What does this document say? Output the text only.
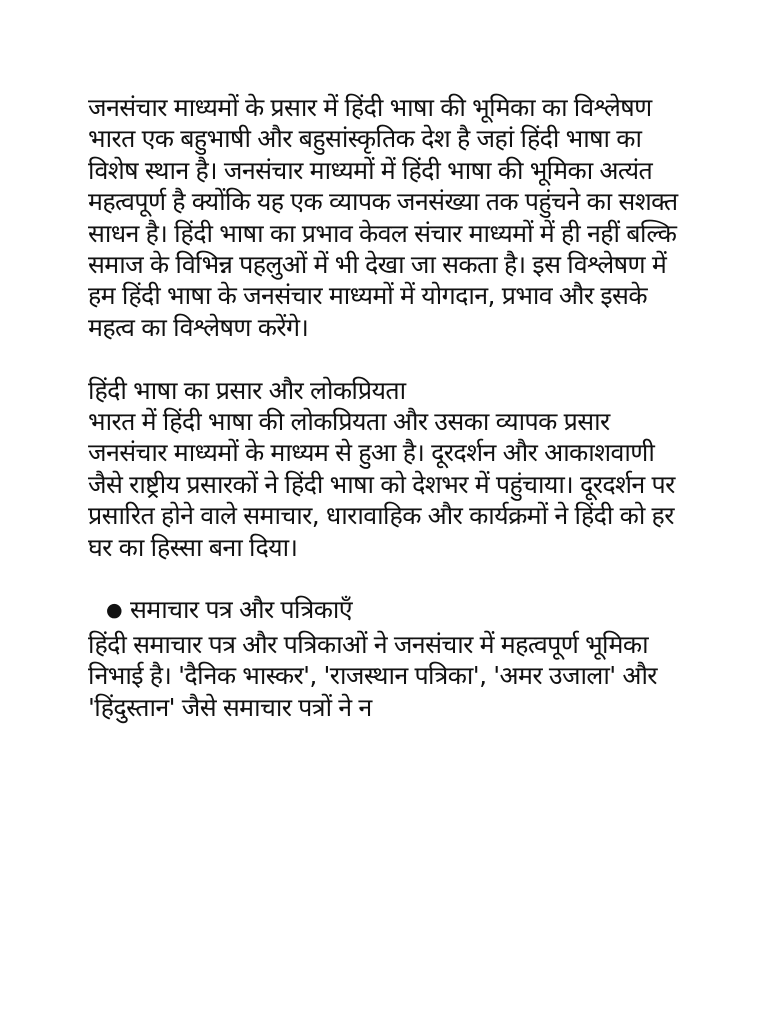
जनसंचार माध्यमों के प्रसार में हिंदी भाषा की भूमिका का विश्लेषण

भारत एक बहुभाषी और बहुसांस्कृतिक देश है जहां हिंदी भाषा का विशेष स्थान है। जनसंचार माध्यमों में हिंदी भाषा की भूमिका अत्यंत महत्वपूर्ण है क्योंकि यह एक व्यापक जनसंख्या तक पहुंचने का सशक्त साधन है। हिंदी भाषा का प्रभाव केवल संचार माध्यमों में ही नहीं बल्कि समाज के विभिन्न पहलुओं में भी देखा जा सकता है। इस विश्लेषण में हम हिंदी भाषा के जनसंचार माध्यमों में योगदान, प्रभाव और इसके महत्व का विश्लेषण करेंगे।

हिंदी भाषा का प्रसार और लोकप्रियता

भारत में हिंदी भाषा की लोकप्रियता और उसका व्यापक प्रसार जनसंचार माध्यमों के माध्यम से हुआ है। दूरदर्शन और आकाशवाणी जैसे राष्ट्रीय प्रसारकों ने हिंदी भाषा को देशभर में पहुंचाया। दूरदर्शन पर प्रसारित होने वाले समाचार, धारावाहिक और कार्यक्रमों ने हिंदी को हर घर का हिस्सा बना दिया।

● समाचार पत्र और पत्रिकाएँ

हिंदी समाचार पत्र और पत्रिकाओं ने जनसंचार में महत्वपूर्ण भूमिका निभाई है। 'दैनिक भास्कर', 'राजस्थान पत्रिका', 'अमर उजाला' और 'हिंदुस्तान' जैसे समाचार पत्रों ने न
